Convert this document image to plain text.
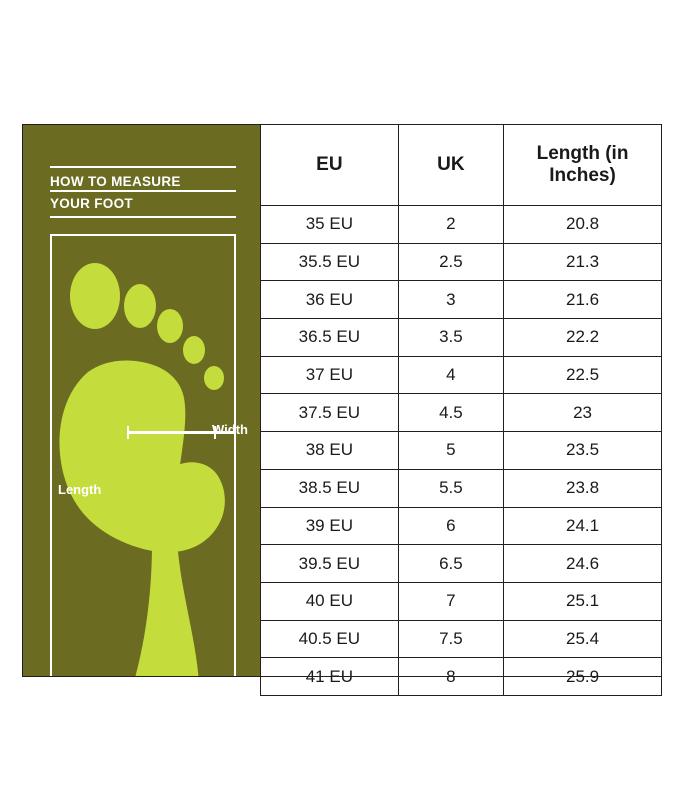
HOW TO MEASURE
YOUR FOOT
Width
Length
EU	UK	Length (in Inches)
35 EU	2	20.8
35.5 EU	2.5	21.3
36 EU	3	21.6
36.5 EU	3.5	22.2
37 EU	4	22.5
37.5 EU	4.5	23
38 EU	5	23.5
38.5 EU	5.5	23.8
39 EU	6	24.1
39.5 EU	6.5	24.6
40 EU	7	25.1
40.5 EU	7.5	25.4
41 EU	8	25.9
